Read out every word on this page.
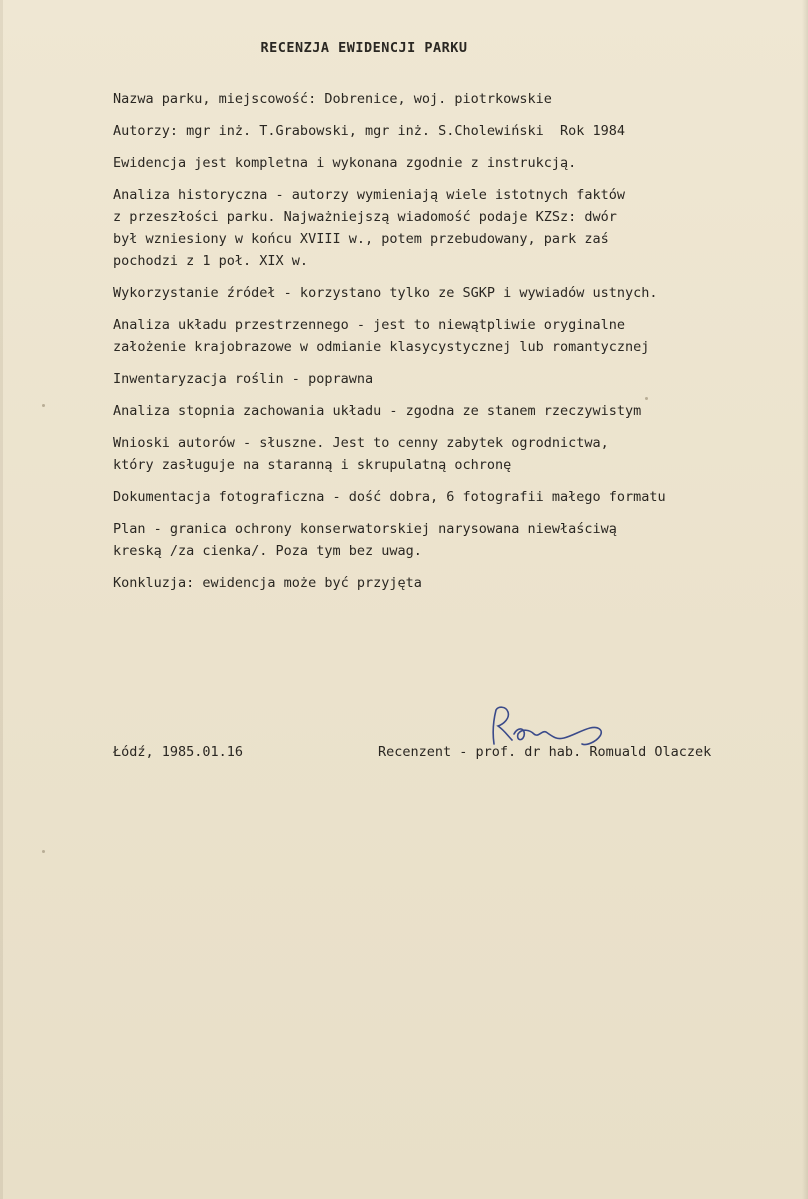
RECENZJA EWIDENCJI PARKU
Nazwa parku, miejscowość: Dobrenice, woj. piotrkowskie
Autorzy: mgr inż. T.Grabowski, mgr inż. S.Cholewiński  Rok 1984
Ewidencja jest kompletna i wykonana zgodnie z instrukcją.
Analiza historyczna - autorzy wymieniają wiele istotnych faktów
z przeszłości parku. Najważniejszą wiadomość podaje KZSz: dwór
był wzniesiony w końcu XVIII w., potem przebudowany, park zaś
pochodzi z 1 poł. XIX w.
Wykorzystanie źródeł - korzystano tylko ze SGKP i wywiadów ustnych.
Analiza układu przestrzennego - jest to niewątpliwie oryginalne
założenie krajobrazowe w odmianie klasycystycznej lub romantycznej
Inwentaryzacja roślin - poprawna
Analiza stopnia zachowania układu - zgodna ze stanem rzeczywistym
Wnioski autorów - słuszne. Jest to cenny zabytek ogrodnictwa,
który zasługuje na staranną i skrupulatną ochronę
Dokumentacja fotograficzna - dość dobra, 6 fotografii małego formatu
Plan - granica ochrony konserwatorskiej narysowana niewłaściwą
kreską /za cienka/. Poza tym bez uwag.
Konkluzja: ewidencja może być przyjęta
Łódź, 1985.01.16	Recenzent - prof. dr hab. Romuald Olaczek
